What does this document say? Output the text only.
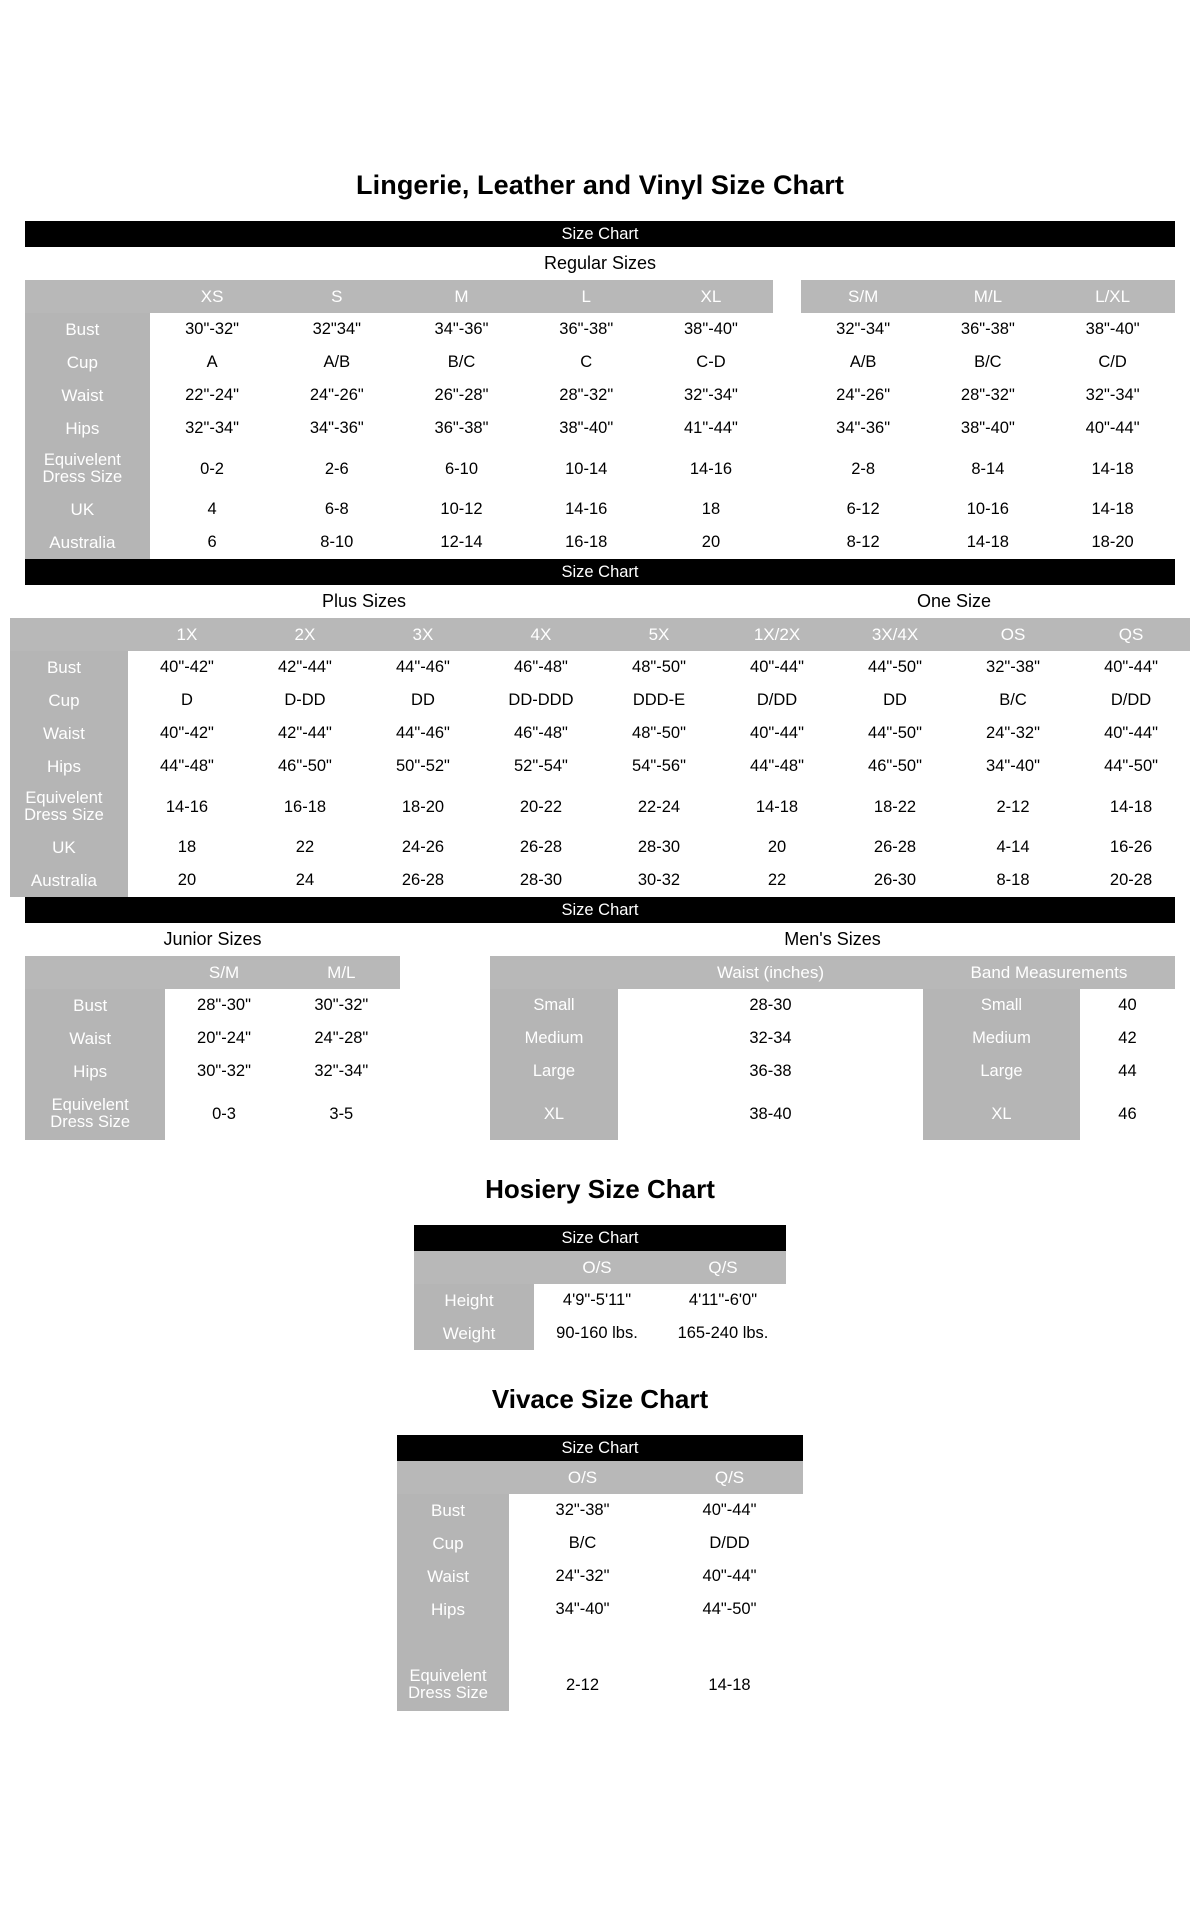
Lingerie, Leather and Vinyl Size Chart
Size Chart
Regular Sizes									
	XS	S	M	L	XL		S/M	M/L	L/XL
Bust	30"-32"	32"34"	34"-36"	36"-38"	38"-40"		32"-34"	36"-38"	38"-40"
Cup	A	A/B	B/C	C	C-D		A/B	B/C	C/D
Waist	22"-24"	24"-26"	26"-28"	28"-32"	32"-34"		24"-26"	28"-32"	32"-34"
Hips	32"-34"	34"-36"	36"-38"	38"-40"	41"-44"		34"-36"	38"-40"	40"-44"
Equivelent
Dress Size	0-2	2-6	6-10	10-14	14-16		2-8	8-14	14-18
UK	4	6-8	10-12	14-16	18		6-12	10-16	14-18
Australia	6	8-10	12-14	16-18	20		8-12	14-18	18-20
Size Chart
Plus Sizes						One Size			
	1X	2X	3X	4X	5X	1X/2X	3X/4X	OS	QS
Bust	40"-42"	42"-44"	44"-46"	46"-48"	48"-50"	40"-44"	44"-50"	32"-38"	40"-44"
Cup	D	D-DD	DD	DD-DDD	DDD-E	D/DD	DD	B/C	D/DD
Waist	40"-42"	42"-44"	44"-46"	46"-48"	48"-50"	40"-44"	44"-50"	24"-32"	40"-44"
Hips	44"-48"	46"-50"	50"-52"	52"-54"	54"-56"	44"-48"	46"-50"	34"-40"	44"-50"
Equivelent
Dress Size	14-16	16-18	18-20	20-22	22-24	14-18	18-22	2-12	14-18
UK	18	22	24-26	26-28	28-30	20	26-28	4-14	16-26
Australia	20	24	26-28	28-30	30-32	22	26-30	8-18	20-28
Size Chart
Junior Sizes		
	S/M	M/L
Bust	28"-30"	30"-32"
Waist	20"-24"	24"-28"
Hips	30"-32"	32"-34"
Equivelent
Dress Size	0-3	3-5
Men's Sizes			
	Waist (inches)	Band Measurements	
Small	28-30	Small	40
Medium	32-34	Medium	42
Large	36-38	Large	44
XL	38-40	XL	46
Hosiery Size Chart
Size Chart
	O/S	Q/S
Height	4'9"-5'11"	4'11"-6'0"
Weight	90-160 lbs.	165-240 lbs.
Vivace Size Chart
Size Chart
	O/S	Q/S
Bust	32"-38"	40"-44"
Cup	B/C	D/DD
Waist	24"-32"	40"-44"
Hips	34"-40"	44"-50"

Equivelent
Dress Size	2-12	14-18
